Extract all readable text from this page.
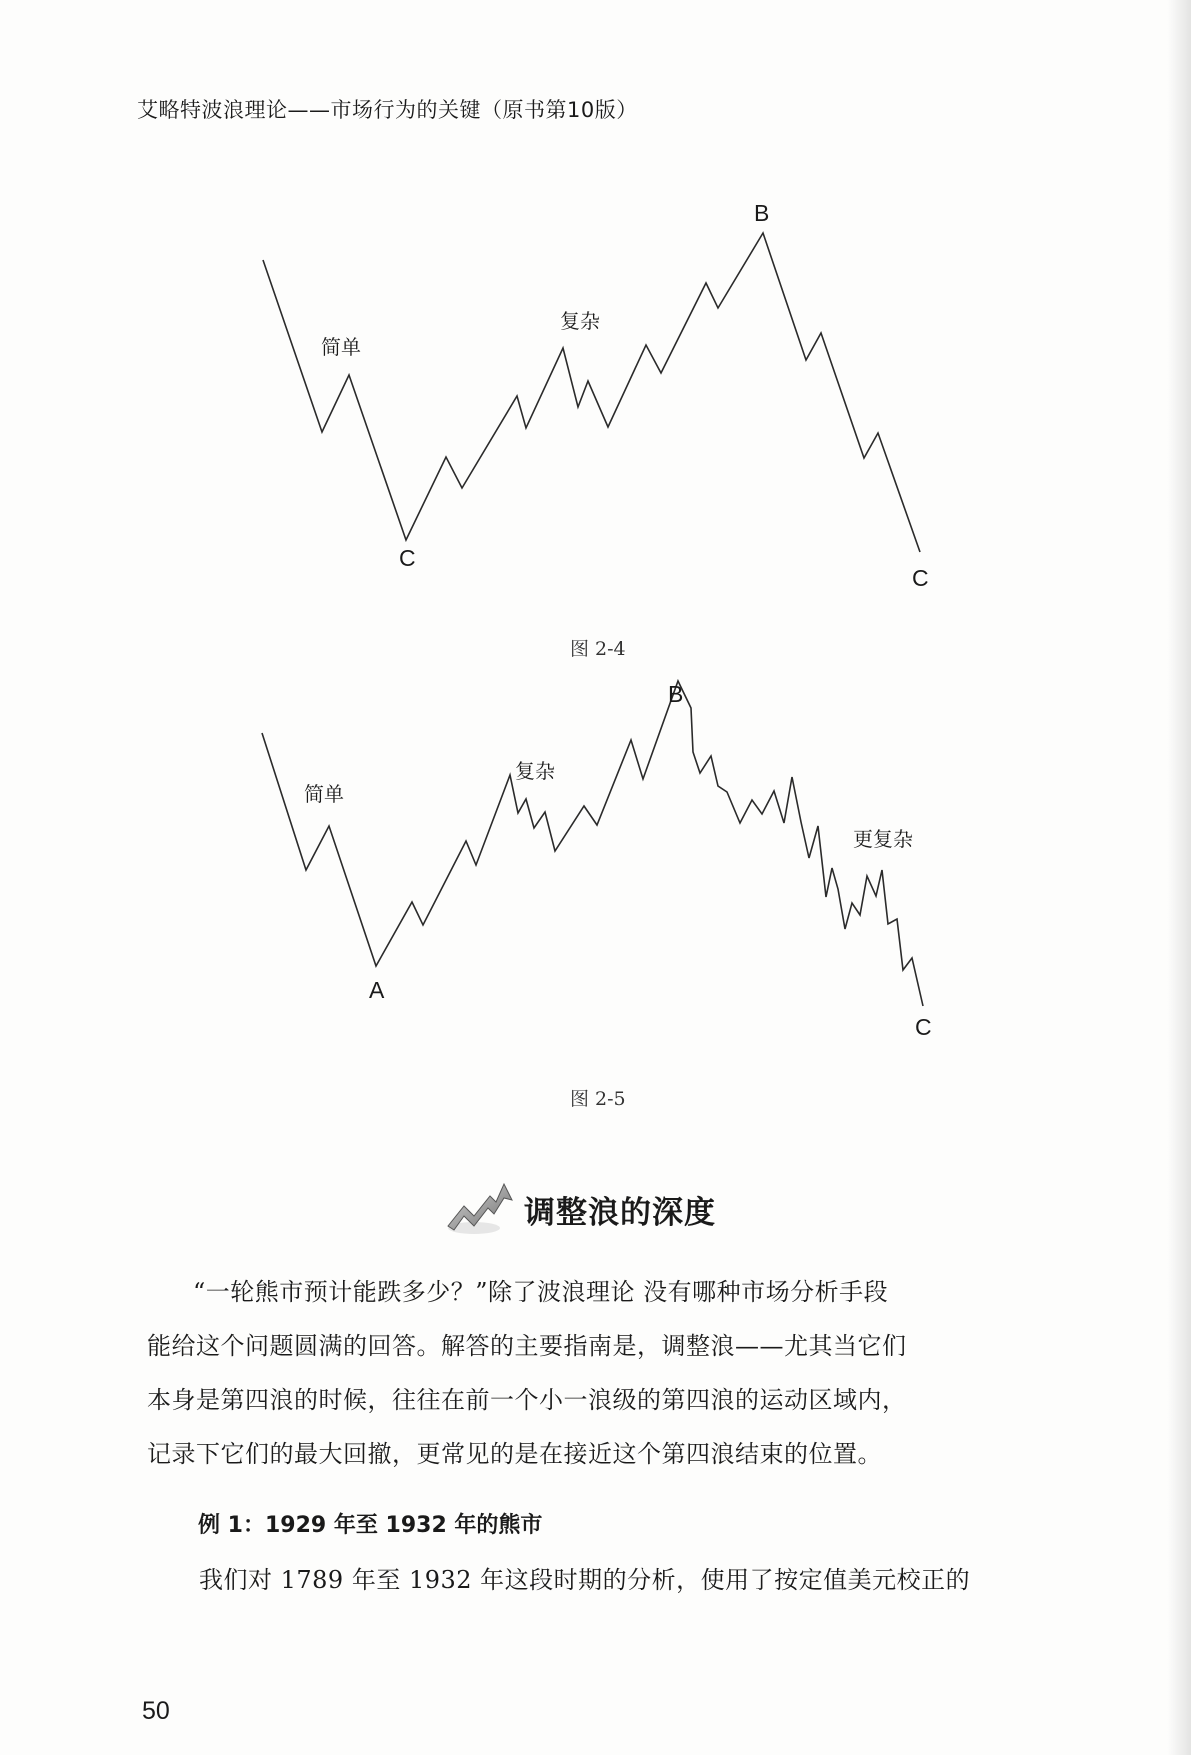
艾略特波浪理论——市场行为的关键（原书第10版）
简单
复杂
B
C
C
图 2-4
简单
复杂
更复杂
A
B
C
图 2-5
调整浪的深度
“一轮熊市预计能跌多少？”除了波浪理论 没有哪种市场分析手段
能给这个问题圆满的回答。解答的主要指南是，调整浪——尤其当它们
本身是第四浪的时候，往往在前一个小一浪级的第四浪的运动区域内，
记录下它们的最大回撤，更常见的是在接近这个第四浪结束的位置。
例 1：1929 年至 1932 年的熊市
我们对 1789 年至 1932 年这段时期的分析，使用了按定值美元校正的
50
